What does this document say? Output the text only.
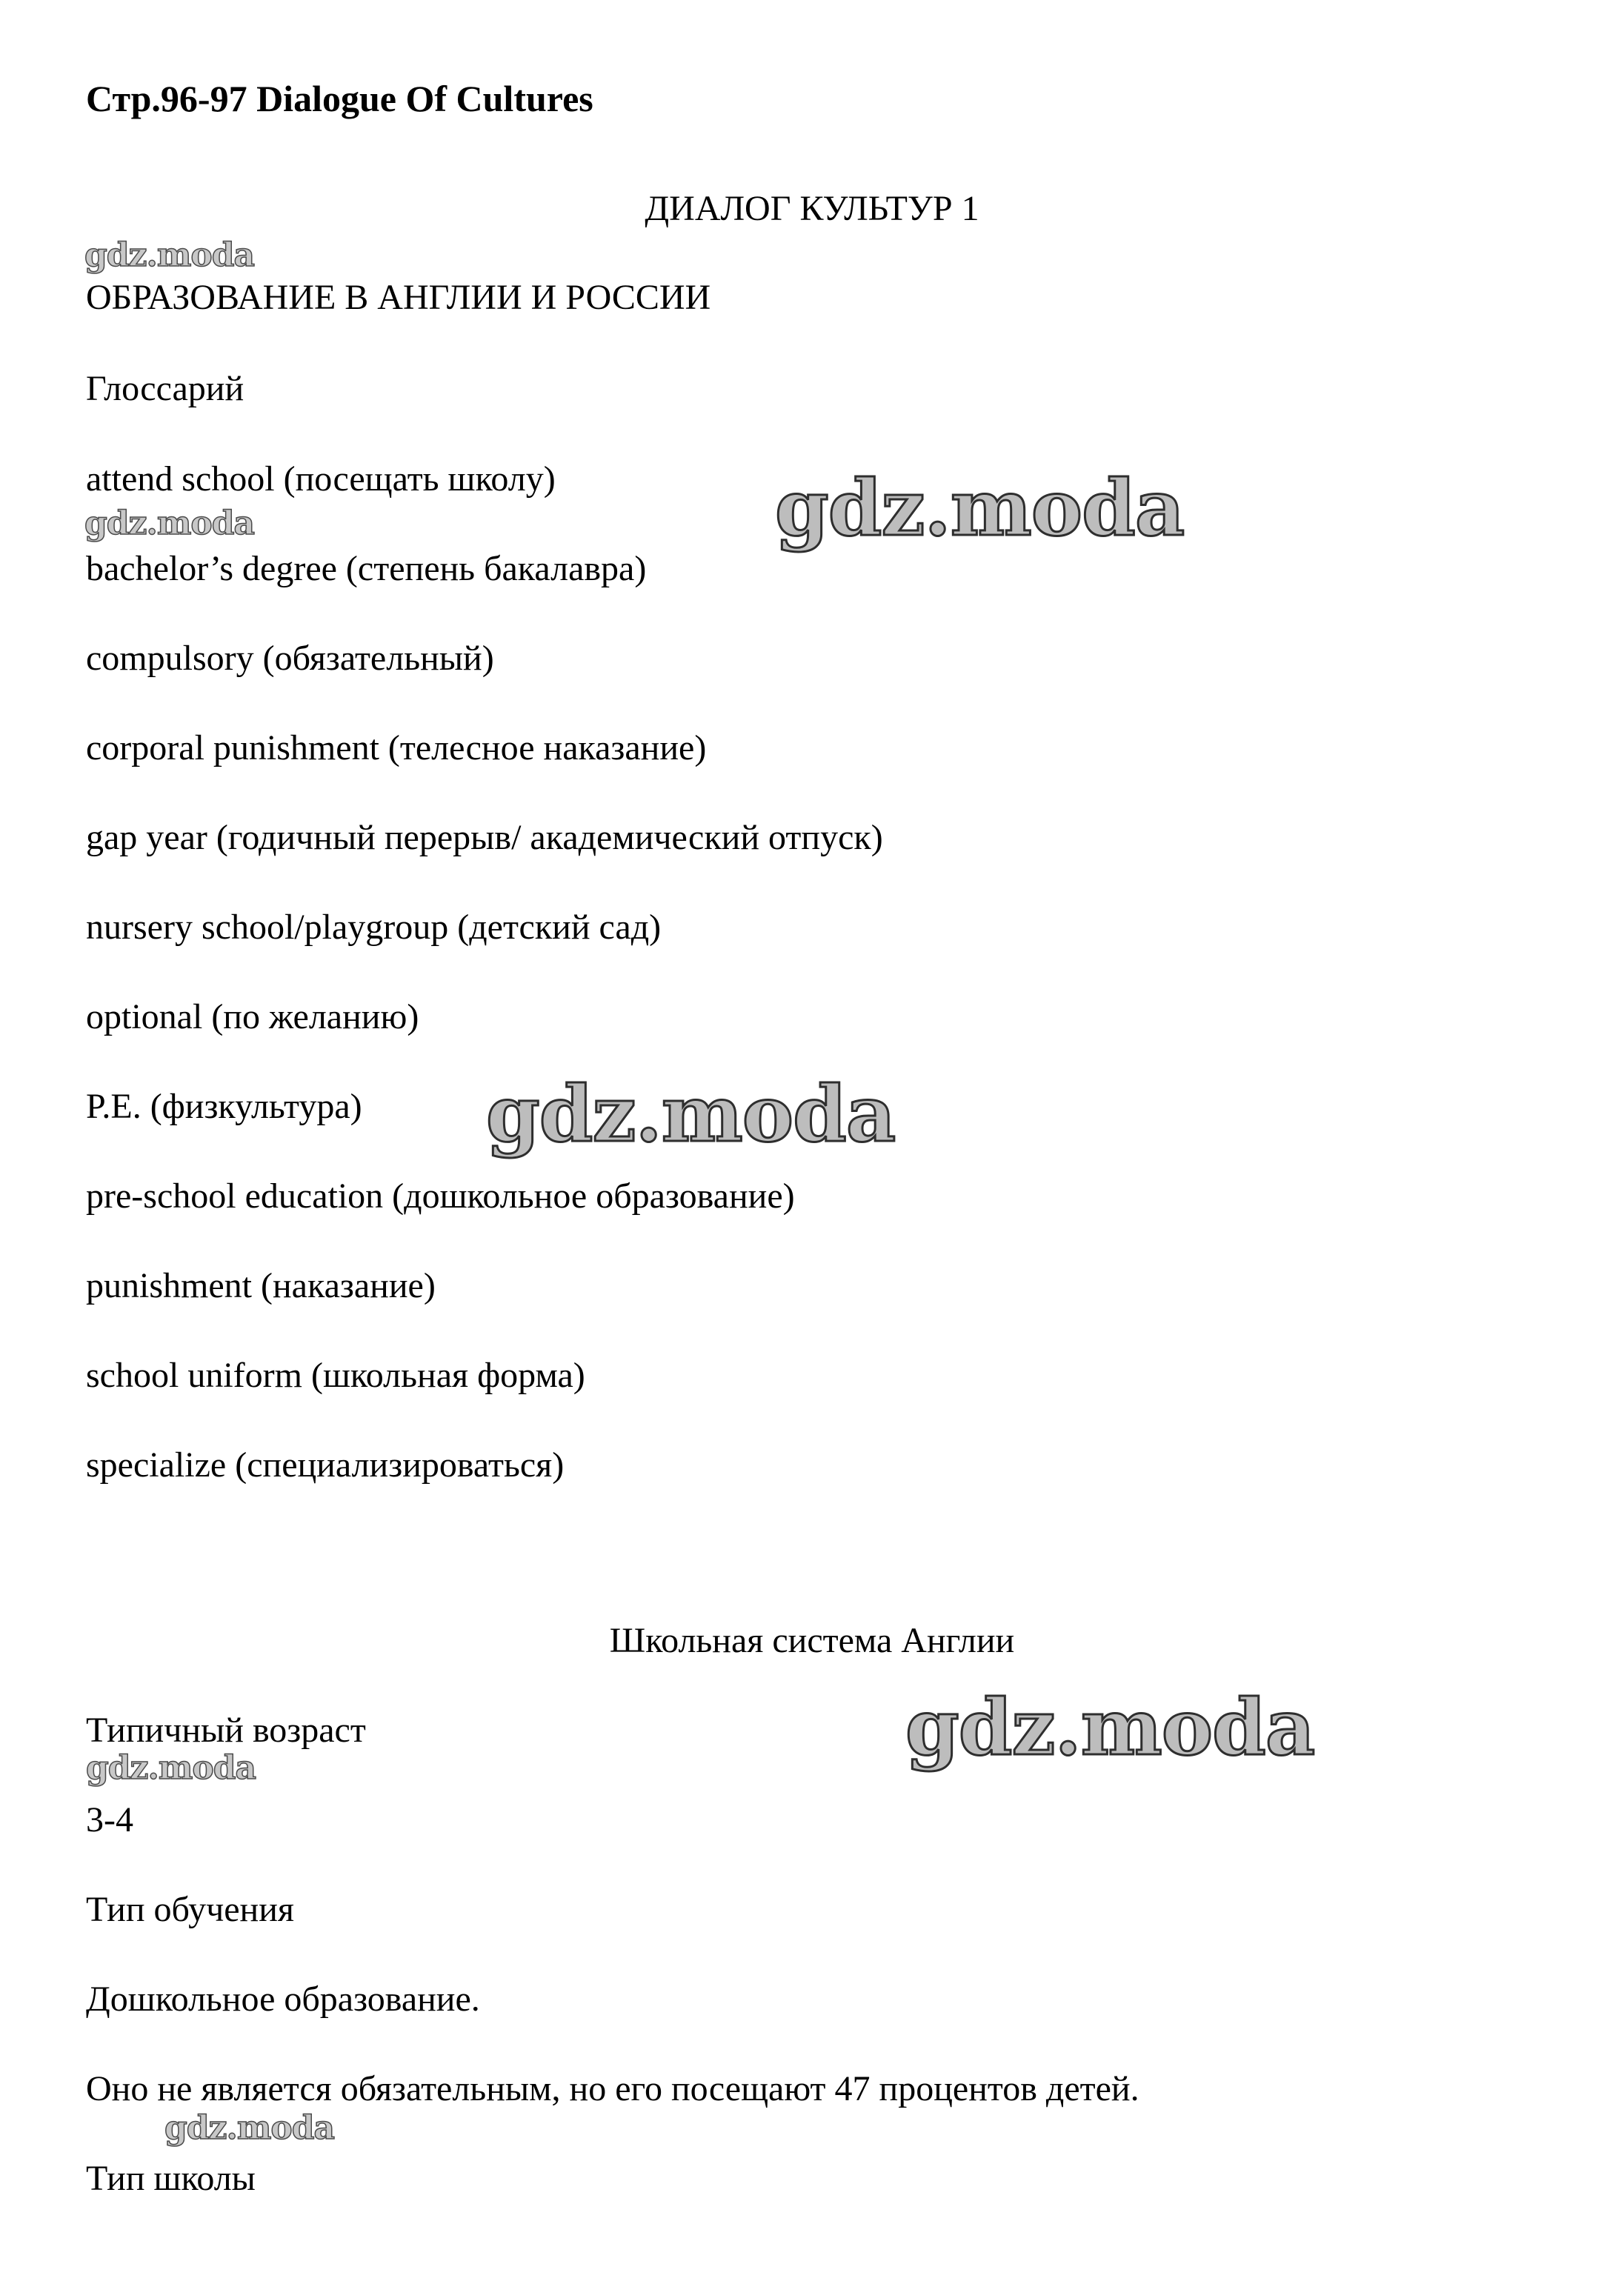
Стр.96-97 Dialogue Of Cultures
ДИАЛОГ КУЛЬТУР 1
ОБРАЗОВАНИЕ В АНГЛИИ И РОССИИ
Глоссарий
attend school (посещать школу)
bachelor’s degree (степень бакалавра)
compulsory (обязательный)
corporal punishment (телесное наказание)
gap year (годичный перерыв/ академический отпуск)
nursery school/playgroup (детский сад)
optional (по желанию)
P.E. (физкультура)
pre-school education (дошкольное образование)
punishment (наказание)
school uniform (школьная форма)
specialize (специализироваться)
Школьная система Англии
Типичный возраст
3-4
Тип обучения
Дошкольное образование.
Оно не является обязательным, но его посещают 47 процентов детей.
Тип школы
gdz.moda
gdz.moda	gdz.moda
gdz.moda
gdz.moda
gdz.moda
gdz.moda
